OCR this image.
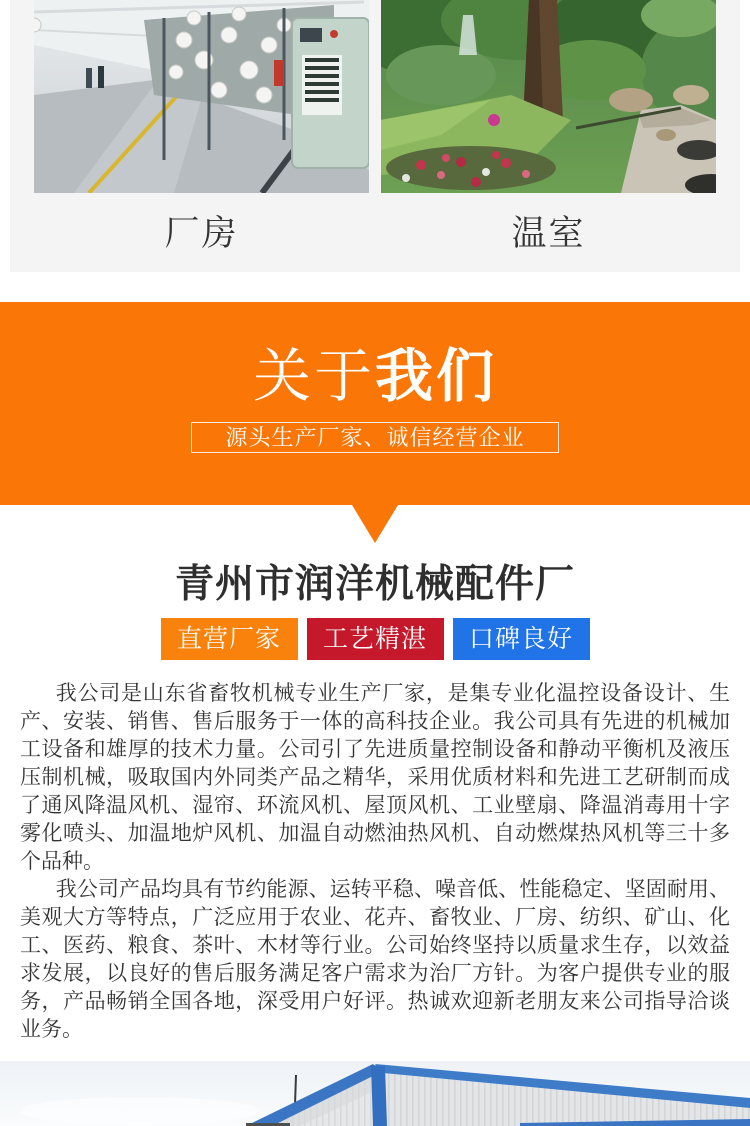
厂房	温室
关于我们
源头生产厂家、诚信经营企业
青州市润洋机械配件厂
直营厂家	工艺精湛	口碑良好

我公司是山东省畜牧机械专业生产厂家，是集专业化温控设备设计、生产、安装、销售、售后服务于一体的高科技企业。我公司具有先进的机械加工设备和雄厚的技术力量。公司引了先进质量控制设备和静动平衡机及液压压制机械，吸取国内外同类产品之精华，采用优质材料和先进工艺研制而成了通风降温风机、湿帘、环流风机、屋顶风机、工业壁扇、降温消毒用十字雾化喷头、加温地炉风机、加温自动燃油热风机、自动燃煤热风机等三十多个品种。

我公司产品均具有节约能源、运转平稳、噪音低、性能稳定、坚固耐用、美观大方等特点，广泛应用于农业、花卉、畜牧业、厂房、纺织、矿山、化工、医药、粮食、茶叶、木材等行业。公司始终坚持以质量求生存，以效益求发展，以良好的售后服务满足客户需求为治厂方针。为客户提供专业的服务，产品畅销全国各地，深受用户好评。热诚欢迎新老朋友来公司指导洽谈业务。
